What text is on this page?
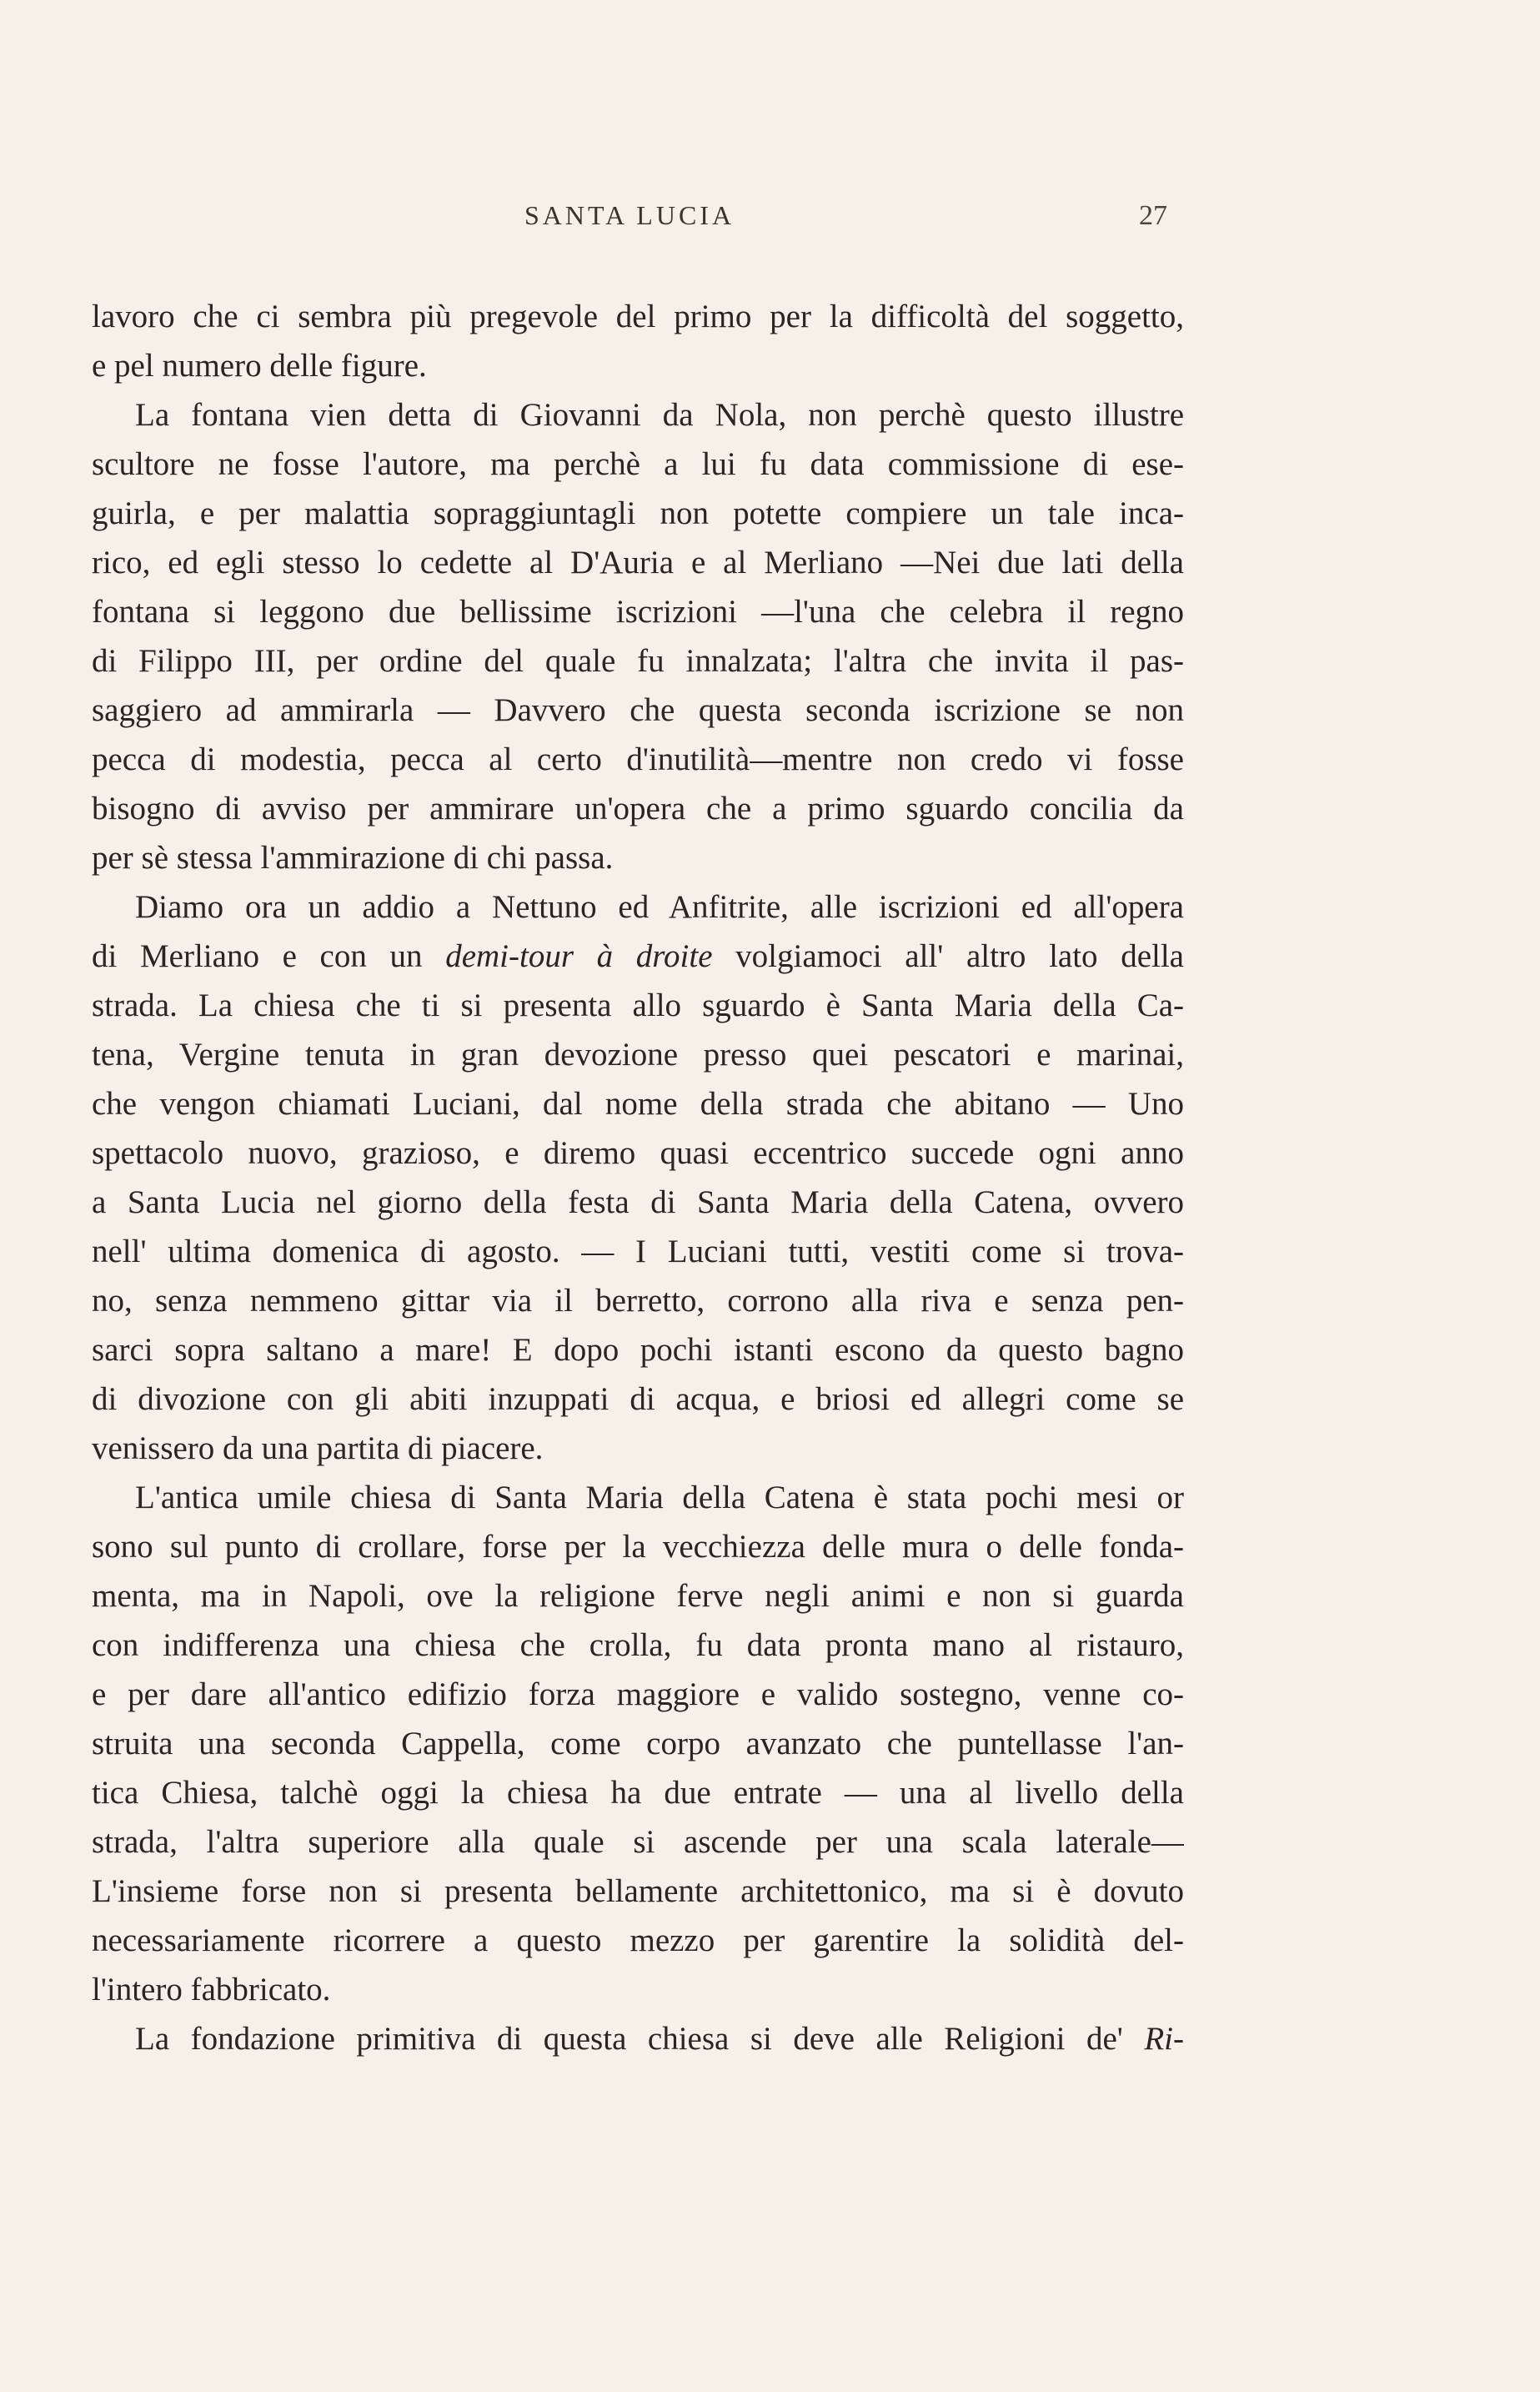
SANTA LUCIA	27
lavoro che ci sembra più pregevole del primo per la difficoltà del soggetto,
e pel numero delle figure.
La fontana vien detta di Giovanni da Nola, non perchè questo illustre
scultore ne fosse l'autore, ma perchè a lui fu data commissione di ese-
guirla, e per malattia sopraggiuntagli non potette compiere un tale inca-
rico, ed egli stesso lo cedette al D'Auria e al Merliano —Nei due lati della
fontana si leggono due bellissime iscrizioni —l'una che celebra il regno
di Filippo III, per ordine del quale fu innalzata; l'altra che invita il pas-
saggiero ad ammirarla — Davvero che questa seconda iscrizione se non
pecca di modestia, pecca al certo d'inutilità—mentre non credo vi fosse
bisogno di avviso per ammirare un'opera che a primo sguardo concilia da
per sè stessa l'ammirazione di chi passa.
Diamo ora un addio a Nettuno ed Anfitrite, alle iscrizioni ed all'opera
di Merliano e con un demi-tour à droite volgiamoci all' altro lato della
strada. La chiesa che ti si presenta allo sguardo è Santa Maria della Ca-
tena, Vergine tenuta in gran devozione presso quei pescatori e marinai,
che vengon chiamati Luciani, dal nome della strada che abitano — Uno
spettacolo nuovo, grazioso, e diremo quasi eccentrico succede ogni anno
a Santa Lucia nel giorno della festa di Santa Maria della Catena, ovvero
nell' ultima domenica di agosto. — I Luciani tutti, vestiti come si trova-
no, senza nemmeno gittar via il berretto, corrono alla riva e senza pen-
sarci sopra saltano a mare! E dopo pochi istanti escono da questo bagno
di divozione con gli abiti inzuppati di acqua, e briosi ed allegri come se
venissero da una partita di piacere.
L'antica umile chiesa di Santa Maria della Catena è stata pochi mesi or
sono sul punto di crollare, forse per la vecchiezza delle mura o delle fonda-
menta, ma in Napoli, ove la religione ferve negli animi e non si guarda
con indifferenza una chiesa che crolla, fu data pronta mano al ristauro,
e per dare all'antico edifizio forza maggiore e valido sostegno, venne co-
struita una seconda Cappella, come corpo avanzato che puntellasse l'an-
tica Chiesa, talchè oggi la chiesa ha due entrate — una al livello della
strada, l'altra superiore alla quale si ascende per una scala laterale—
L'insieme forse non si presenta bellamente architettonico, ma si è dovuto
necessariamente ricorrere a questo mezzo per garentire la solidità del-
l'intero fabbricato.
La fondazione primitiva di questa chiesa si deve alle Religioni de' Ri-
